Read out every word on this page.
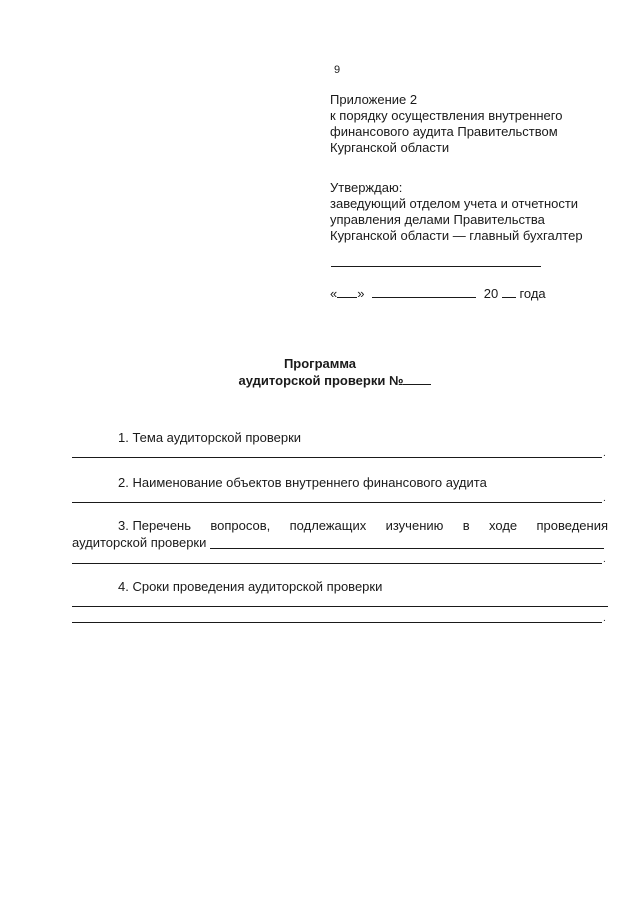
9
Приложение 2
к порядку осуществления внутреннего
финансового аудита Правительством
Курганской области
Утверждаю:
заведующий отделом учета и отчетности
управления делами Правительства
Курганской области — главный бухгалтер
« »	20 года
Программа
аудиторской проверки №
1. Тема аудиторской проверки
.
2. Наименование объектов внутреннего финансового аудита
.
3. Перечень вопросов, подлежащих изучению в ходе проведения
аудиторской проверки
.
4. Сроки проведения аудиторской проверки
.
